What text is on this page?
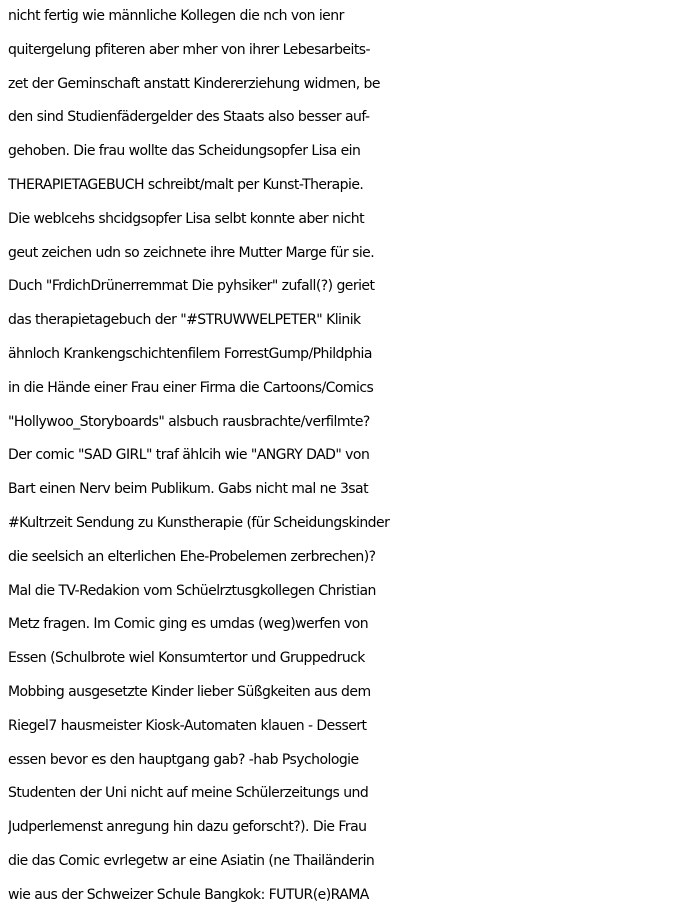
nicht fertig wie männliche Kollegen die nch von ienr
quitergelung pfiteren aber mher von ihrer Lebesarbeits-
zet der Geminschaft anstatt Kindererziehung widmen, be
den sind Studienfädergelder des Staats also besser auf-
gehoben. Die frau wollte das Scheidungsopfer Lisa ein
THERAPIETAGEBUCH schreibt/malt per Kunst-Therapie.
Die weblcehs shcidgsopfer Lisa selbt konnte aber nicht
geut zeichen udn so zeichnete ihre Mutter Marge für sie.
Duch "FrdichDrünerremmat Die pyhsiker" zufall(?) geriet
das therapietagebuch der "#STRUWWELPETER" Klinik
ähnloch Krankengschichtenfilem ForrestGump/Phildphia
in die Hände einer Frau einer Firma die Cartoons/Comics
"Hollywoo_Storyboards" alsbuch rausbrachte/verfilmte?
Der comic "SAD GIRL" traf ählcih wie "ANGRY DAD" von
Bart einen Nerv beim Publikum. Gabs nicht mal ne 3sat
#Kultrzeit Sendung zu Kunstherapie (für Scheidungskinder
die seelsich an elterlichen Ehe-Probelemen zerbrechen)?
Mal die TV-Redakion vom Schüelrztusgkollegen Christian
Metz fragen. Im Comic ging es umdas (weg)werfen von
Essen (Schulbrote wiel Konsumtertor und Gruppedruck
Mobbing ausgesetzte Kinder lieber Süßgkeiten aus dem
Riegel7 hausmeister Kiosk-Automaten klauen - Dessert
essen bevor es den hauptgang gab? -hab Psychologie
Studenten der Uni nicht auf meine Schülerzeitungs und
Judperlemenst anregung hin dazu geforscht?). Die Frau
die das Comic evrlegetw ar eine Asiatin (ne Thailänderin
wie aus der Schweizer Schule Bangkok: FUTUR(e)RAMA
